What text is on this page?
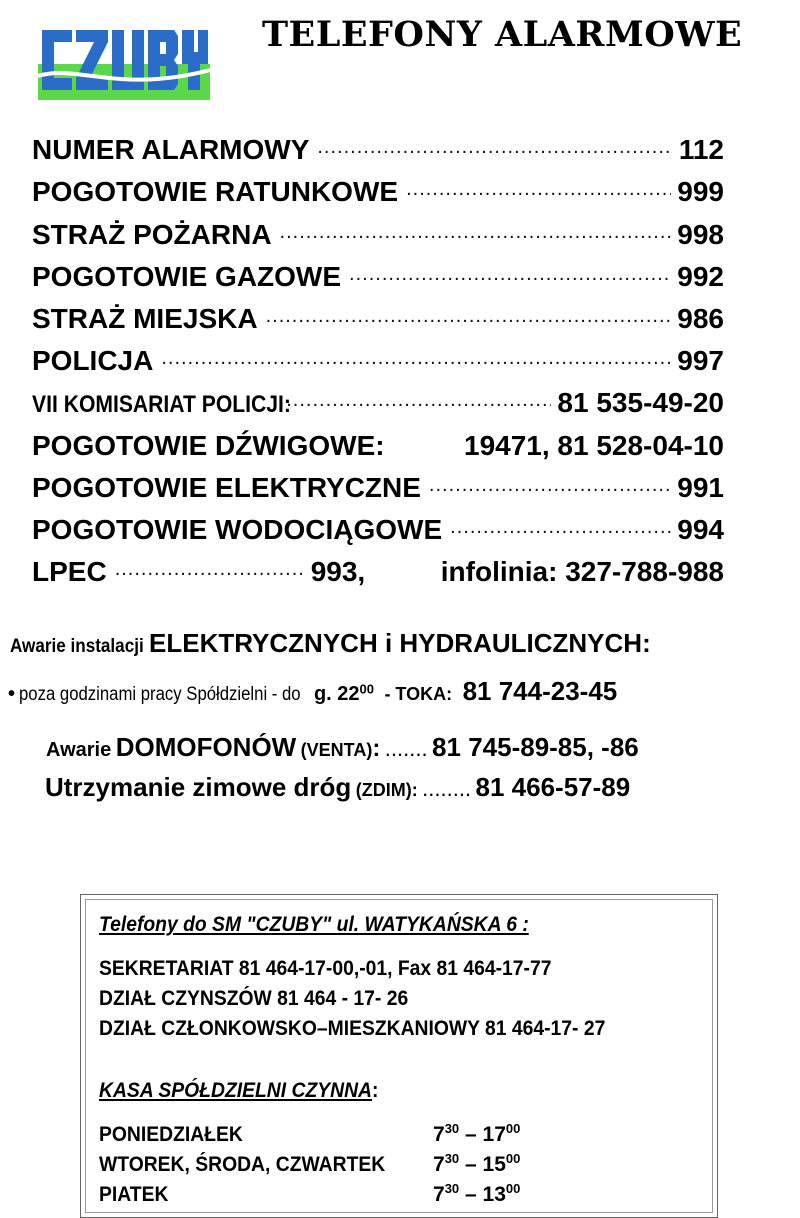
TELEFONY ALARMOWE
NUMER ALARMOWY .....	112
POGOTOWIE RATUNKOWE .....	999
STRAŻ POŻARNA .....	998
POGOTOWIE GAZOWE .....	992
STRAŻ MIEJSKA .....	986
POLICJA .....	997
VII KOMISARIAT POLICJI: .....	81 535-49-20
POGOTOWIE DŹWIGOWE:	19471, 81 528-04-10
POGOTOWIE ELEKTRYCZNE .....	991
POGOTOWIE WODOCIĄGOWE .....	994
LPEC .....	993,	infolinia: 327-788-988
Awarie instalacji ELEKTRYCZNYCH i HYDRAULICZNYCH:
• poza godzinami pracy Spółdzielni - do g. $22^{00}$ - TOKA: 81 744-23-45
Awarie DOMOFONÓW (VENTA): ....... 81 745-89-85, -86
Utrzymanie zimowe dróg (ZDIM): ........ 81 466-57-89
Telefony do SM "CZUBY" ul. WATYKAŃSKA 6 :
SEKRETARIAT 81 464-17-00,-01, Fax 81 464-17-77
DZIAŁ CZYNSZÓW 81 464 - 17- 26
DZIAŁ CZŁONKOWSKO–MIESZKANIOWY 81 464-17- 27
KASA SPÓŁDZIELNI CZYNNA:
PONIEDZIAŁEK	$7^{30} - 17^{00}$
WTOREK, ŚRODA, CZWARTEK $7^{30} - 15^{00}$
PIATEK	$7^{30} - 13^{00}$
